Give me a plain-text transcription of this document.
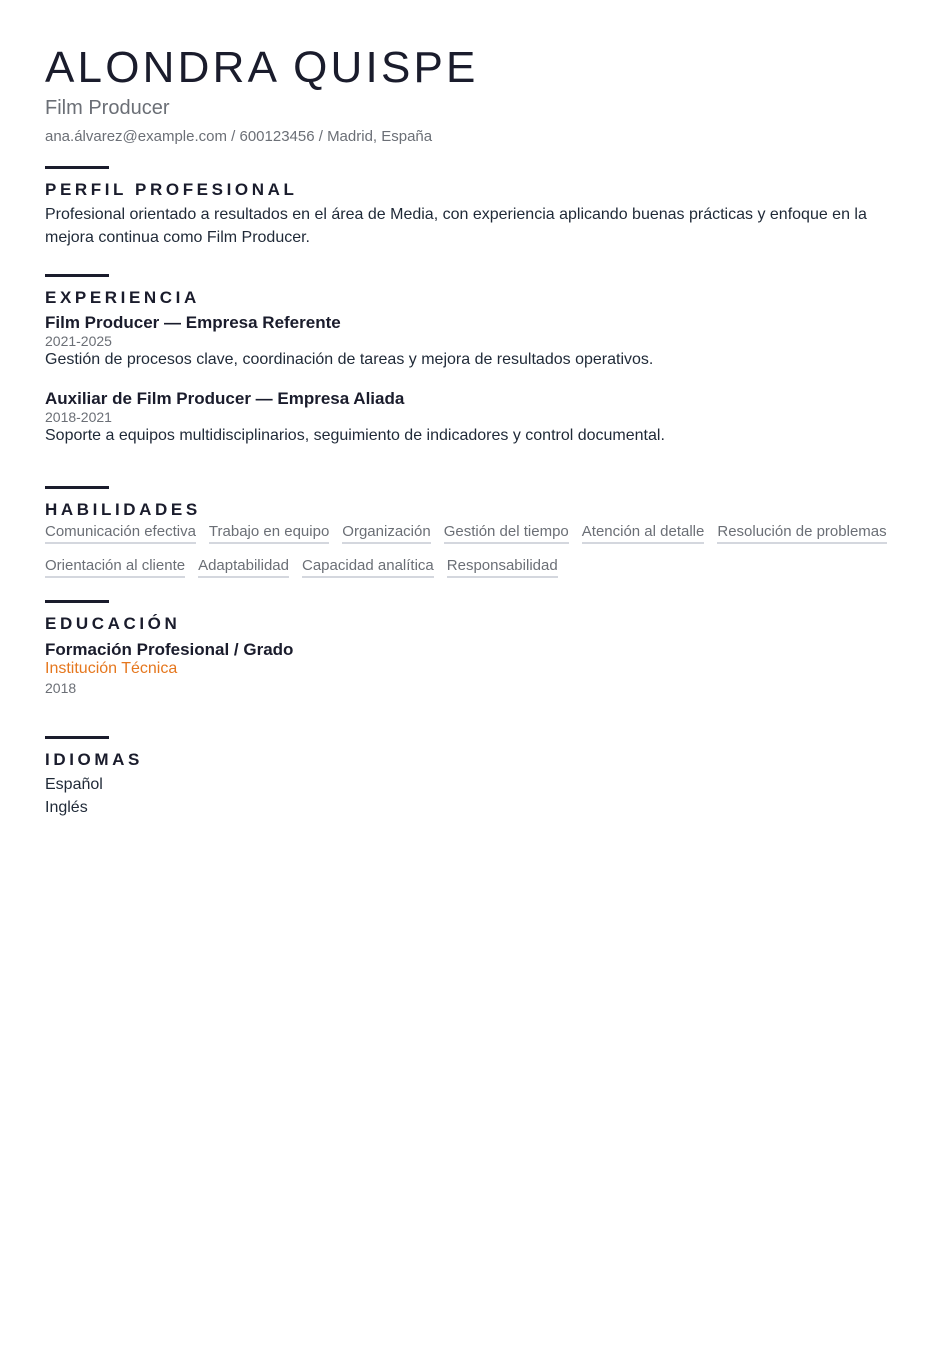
ALONDRA QUISPE
Film Producer
ana.álvarez@example.com / 600123456 / Madrid, España
PERFIL PROFESIONAL
Profesional orientado a resultados en el área de Media, con experiencia aplicando buenas prácticas y enfoque en la mejora continua como Film Producer.
EXPERIENCIA
Film Producer — Empresa Referente
2021-2025
Gestión de procesos clave, coordinación de tareas y mejora de resultados operativos.
Auxiliar de Film Producer — Empresa Aliada
2018-2021
Soporte a equipos multidisciplinarios, seguimiento de indicadores y control documental.
HABILIDADES
Comunicación efectiva Trabajo en equipo Organización Gestión del tiempo Atención al detalle Resolución de problemas
Orientación al cliente Adaptabilidad Capacidad analítica Responsabilidad
EDUCACIÓN
Formación Profesional / Grado
Institución Técnica
2018
IDIOMAS
Español
Inglés
